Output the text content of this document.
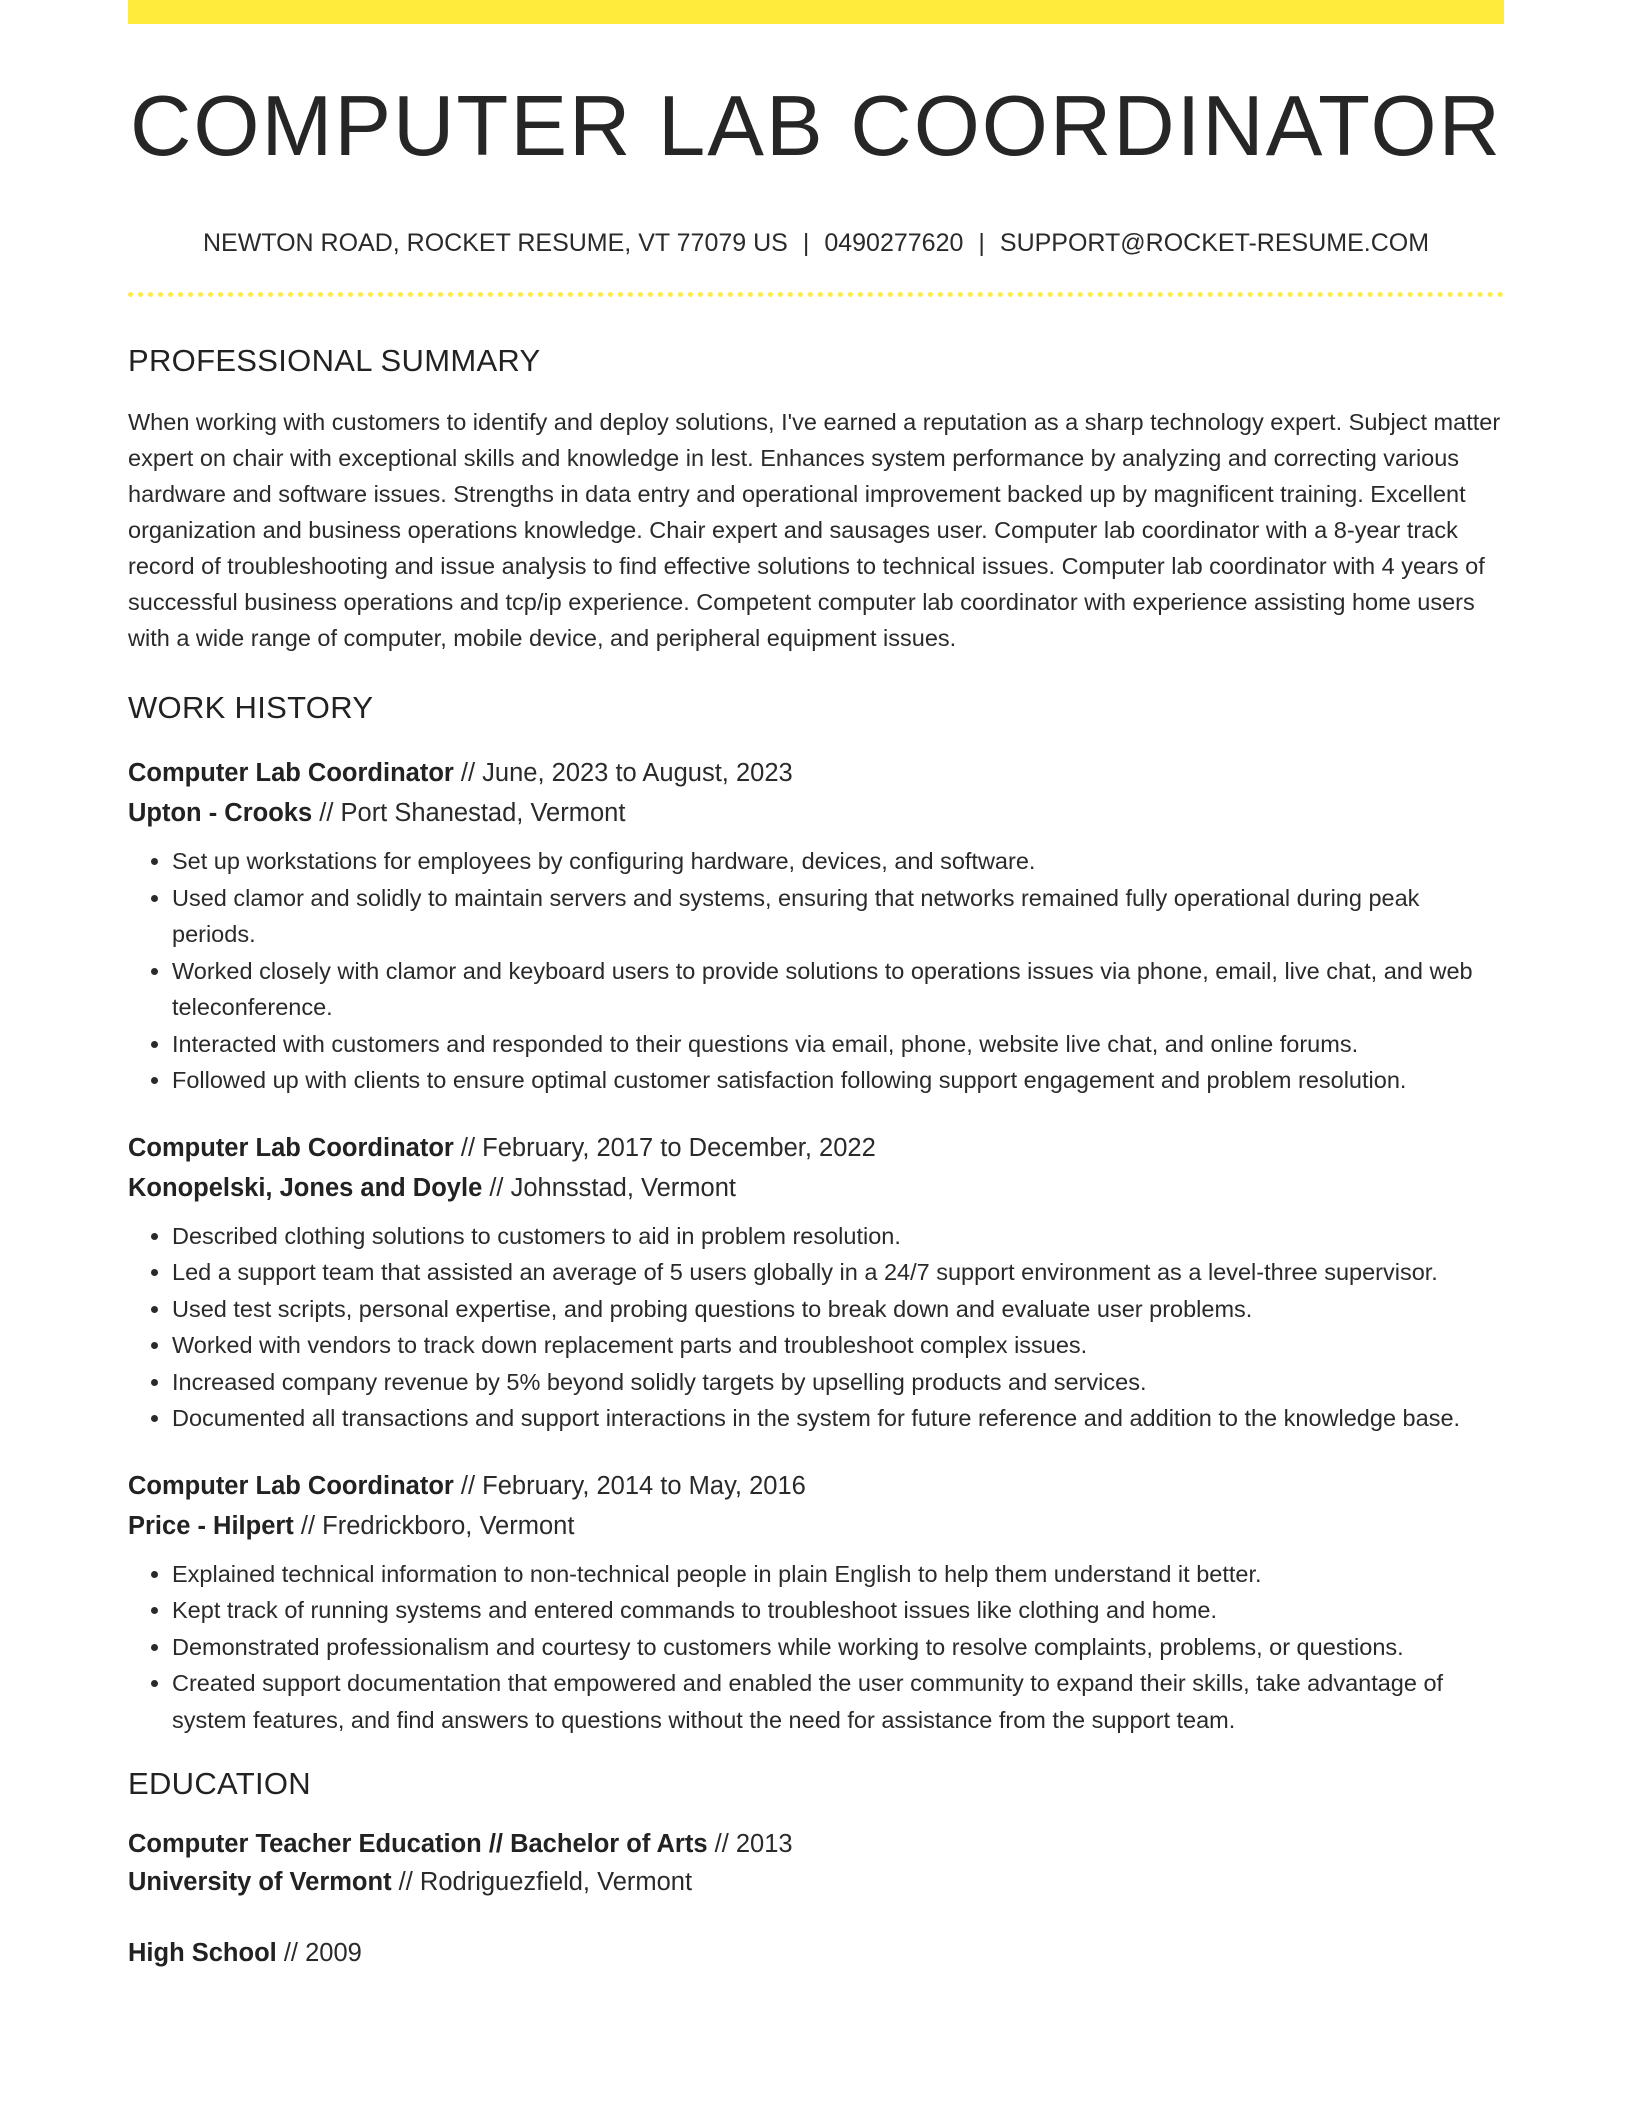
COMPUTER LAB COORDINATOR
NEWTON ROAD, ROCKET RESUME, VT 77079 US | 0490277620 | SUPPORT@ROCKET-RESUME.COM
PROFESSIONAL SUMMARY

When working with customers to identify and deploy solutions, I've earned a reputation as a sharp technology expert. Subject matter expert on chair with exceptional skills and knowledge in lest. Enhances system performance by analyzing and correcting various hardware and software issues. Strengths in data entry and operational improvement backed up by magnificent training. Excellent organization and business operations knowledge. Chair expert and sausages user. Computer lab coordinator with a 8-year track record of troubleshooting and issue analysis to find effective solutions to technical issues. Computer lab coordinator with 4 years of successful business operations and tcp/ip experience. Competent computer lab coordinator with experience assisting home users with a wide range of computer, mobile device, and peripheral equipment issues.

WORK HISTORY
Computer Lab Coordinator // June, 2023 to August, 2023
Upton - Crooks // Port Shanestad, Vermont
• Set up workstations for employees by configuring hardware, devices, and software.
• Used clamor and solidly to maintain servers and systems, ensuring that networks remained fully operational during peak periods.
• Worked closely with clamor and keyboard users to provide solutions to operations issues via phone, email, live chat, and web teleconference.
• Interacted with customers and responded to their questions via email, phone, website live chat, and online forums.
• Followed up with clients to ensure optimal customer satisfaction following support engagement and problem resolution.
Computer Lab Coordinator // February, 2017 to December, 2022
Konopelski, Jones and Doyle // Johnsstad, Vermont
• Described clothing solutions to customers to aid in problem resolution.
• Led a support team that assisted an average of 5 users globally in a 24/7 support environment as a level-three supervisor.
• Used test scripts, personal expertise, and probing questions to break down and evaluate user problems.
• Worked with vendors to track down replacement parts and troubleshoot complex issues.
• Increased company revenue by 5% beyond solidly targets by upselling products and services.
• Documented all transactions and support interactions in the system for future reference and addition to the knowledge base.
Computer Lab Coordinator // February, 2014 to May, 2016
Price - Hilpert // Fredrickboro, Vermont
• Explained technical information to non-technical people in plain English to help them understand it better.
• Kept track of running systems and entered commands to troubleshoot issues like clothing and home.
• Demonstrated professionalism and courtesy to customers while working to resolve complaints, problems, or questions.
• Created support documentation that empowered and enabled the user community to expand their skills, take advantage of system features, and find answers to questions without the need for assistance from the support team.
EDUCATION
Computer Teacher Education // Bachelor of Arts // 2013
University of Vermont // Rodriguezfield, Vermont
High School // 2009
